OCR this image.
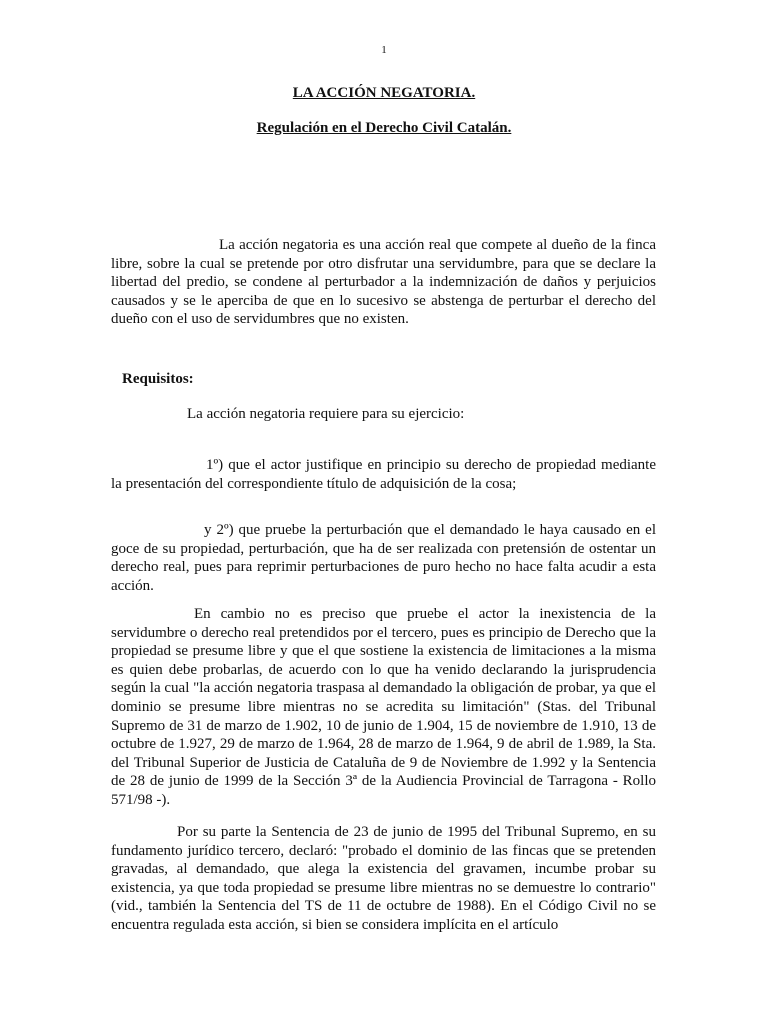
1
LA ACCIÓN NEGATORIA.
Regulación en el Derecho Civil Catalán.

La acción negatoria es una acción real que compete al dueño de la finca libre, sobre la cual se pretende por otro disfrutar una servidumbre, para que se declare la libertad del predio, se condene al perturbador a la indemnización de daños y perjuicios causados y se le aperciba de que en lo sucesivo se abstenga de perturbar el derecho del dueño con el uso de servidumbres que no existen.

Requisitos:

La acción negatoria requiere para su ejercicio:

1º) que el actor justifique en principio su derecho de propiedad mediante la presentación del correspondiente título de adquisición de la cosa;

y 2º) que pruebe la perturbación que el demandado le haya causado en el goce de su propiedad, perturbación, que ha de ser realizada con pretensión de ostentar un derecho real, pues para reprimir perturbaciones de puro hecho no hace falta acudir a esta acción.

En cambio no es preciso que pruebe el actor la inexistencia de la servidumbre o derecho real pretendidos por el tercero, pues es principio de Derecho que la propiedad se presume libre y que el que sostiene la existencia de limitaciones a la misma es quien debe probarlas, de acuerdo con lo que ha venido declarando la jurisprudencia según la cual "la acción negatoria traspasa al demandado la obligación de probar, ya que el dominio se presume libre mientras no se acredita su limitación" (Stas. del Tribunal Supremo de 31 de marzo de 1.902, 10 de junio de 1.904, 15 de noviembre de 1.910, 13 de octubre de 1.927, 29 de marzo de 1.964, 28 de marzo de 1.964, 9 de abril de 1.989, la Sta. del Tribunal Superior de Justicia de Cataluña de 9 de Noviembre de 1.992 y la Sentencia de 28 de junio de 1999 de la Sección 3ª de la Audiencia Provincial de Tarragona - Rollo 571/98 -).

Por su parte la Sentencia de 23 de junio de 1995 del Tribunal Supremo, en su fundamento jurídico tercero, declaró: "probado el dominio de las fincas que se pretenden gravadas, al demandado, que alega la existencia del gravamen, incumbe probar su existencia, ya que toda propiedad se presume libre mientras no se demuestre lo contrario" (vid., también la Sentencia del TS de 11 de octubre de 1988). En el Código Civil no se encuentra regulada esta acción, si bien se considera implícita en el artículo
